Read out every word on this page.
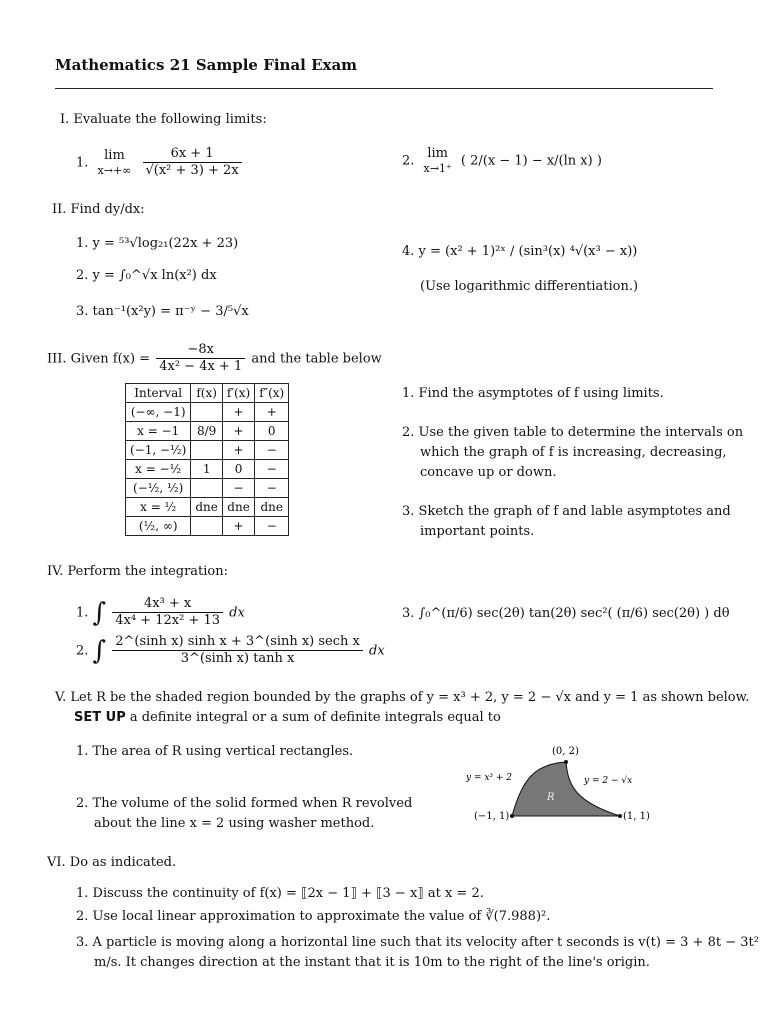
Mathematics 21 Sample Final Exam
I. Evaluate the following limits:
1.	lim
x→+∞
$\frac{6x + 1}{\text{√(x² + 3) + 2x}}$	2. lim
x→1⁺
( 2/(x − 1) − x/(ln x) )
II. Find dy/dx:
1. y = ⁵³√log₂₁(22x + 23)
2. y = ∫₀^√x ln(x²) dx
3. tan⁻¹(x²y) = π⁻ʸ − 3/⁵√x
4. y = (x² + 1)²ˣ / (sin³(x) ⁴√(x³ − x))
(Use logarithmic differentiation.)
III. Given $f(x) = \frac{-8x}{\text{4x² − 4x + 1}}$ and the table below
Interval	f(x)	f′(x)	f″(x)
(−∞, −1)		+	+
x = −1	8/9	+	0
(−1, −½)		+	−
x = −½	1	0	−
(−½, ½)		−	−
x = ½	dne	dne	dne
(½, ∞)		+	−
1. Find the asymptotes of f using limits.
2. Use the given table to determine the intervals on
which the graph of f is increasing, decreasing,
concave up or down.
3. Sketch the graph of f and lable asymptotes and
important points.
IV. Perform the integration:
1. ∫ $\frac{\text{4x³ + x}}{\text{4x⁴ + 12x² + 13}}$ dx
2. ∫ $\frac{\text{2\textasciicircum{}(sinh x) sinh x + 3\textasciicircum{}(sinh x) sech x}}{\text{3\textasciicircum{}(sinh x) tanh x}}$ dx
3. ∫₀^(π/6) sec(2θ) tan(2θ) sec²( (π/6) sec(2θ) ) dθ
V. Let R be the shaded region bounded by the graphs of y = x³ + 2, y = 2 − √x and y = 1 as shown below.
SET UP a definite integral or a sum of definite integrals equal to
1. The area of R using vertical rectangles.
2. The volume of the solid formed when R revolved
about the line x = 2 using washer method.
(0, 2)
y = x³ + 2	y = 2 − √x
R
(−1, 1)	(1, 1)
VI. Do as indicated.
1. Discuss the continuity of f(x) = ⟦2x − 1⟧ + ⟦3 − x⟧ at x = 2.
2. Use local linear approximation to approximate the value of ∛(7.988)².
3. A particle is moving along a horizontal line such that its velocity after t seconds is v(t) = 3 + 8t − 3t²
m/s. It changes direction at the instant that it is 10m to the right of the line's origin.
